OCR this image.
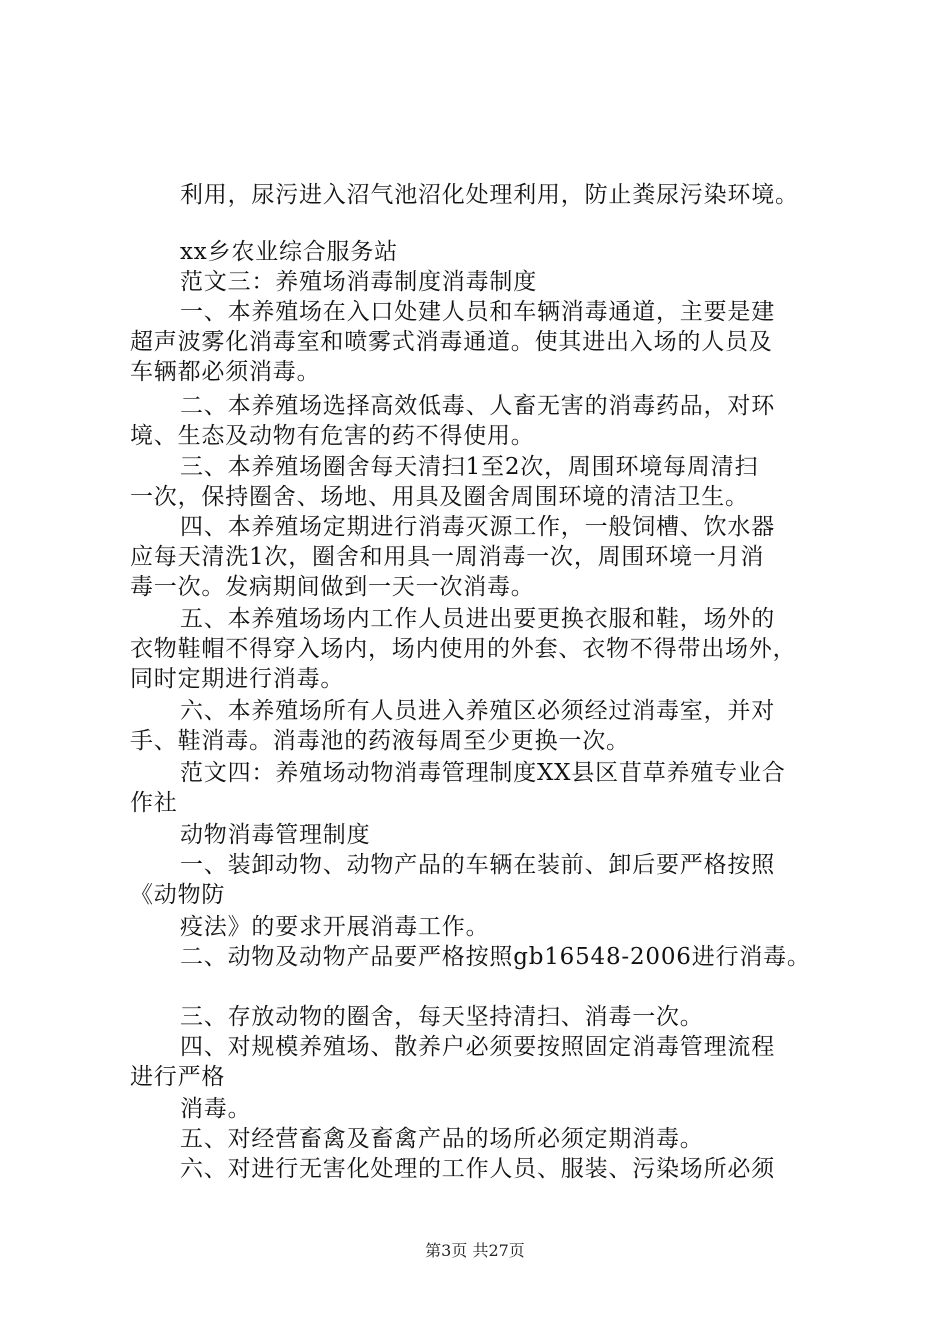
利用，尿污进入沼气池沼化处理利用，防止粪尿污染环境。
xx乡农业综合服务站
范文三：养殖场消毒制度消毒制度
一、本养殖场在入口处建人员和车辆消毒通道，主要是建
超声波雾化消毒室和喷雾式消毒通道。使其进出入场的人员及
车辆都必须消毒。
二、本养殖场选择高效低毒、人畜无害的消毒药品，对环
境、生态及动物有危害的药不得使用。
三、本养殖场圈舍每天清扫1至2次，周围环境每周清扫
一次，保持圈舍、场地、用具及圈舍周围环境的清洁卫生。
四、本养殖场定期进行消毒灭源工作，一般饲槽、饮水器
应每天清洗1次，圈舍和用具一周消毒一次，周围环境一月消
毒一次。发病期间做到一天一次消毒。
五、本养殖场场内工作人员进出要更换衣服和鞋，场外的
衣物鞋帽不得穿入场内，场内使用的外套、衣物不得带出场外，
同时定期进行消毒。
六、本养殖场所有人员进入养殖区必须经过消毒室，并对
手、鞋消毒。消毒池的药液每周至少更换一次。
范文四：养殖场动物消毒管理制度XX县区苜草养殖专业合
作社
动物消毒管理制度
一、装卸动物、动物产品的车辆在装前、卸后要严格按照
《动物防
疫法》的要求开展消毒工作。
二、动物及动物产品要严格按照gb16548-2006进行消毒。
三、存放动物的圈舍，每天坚持清扫、消毒一次。
四、对规模养殖场、散养户必须要按照固定消毒管理流程
进行严格
消毒。
五、对经营畜禽及畜禽产品的场所必须定期消毒。
六、对进行无害化处理的工作人员、服装、污染场所必须
第3页 共27页
